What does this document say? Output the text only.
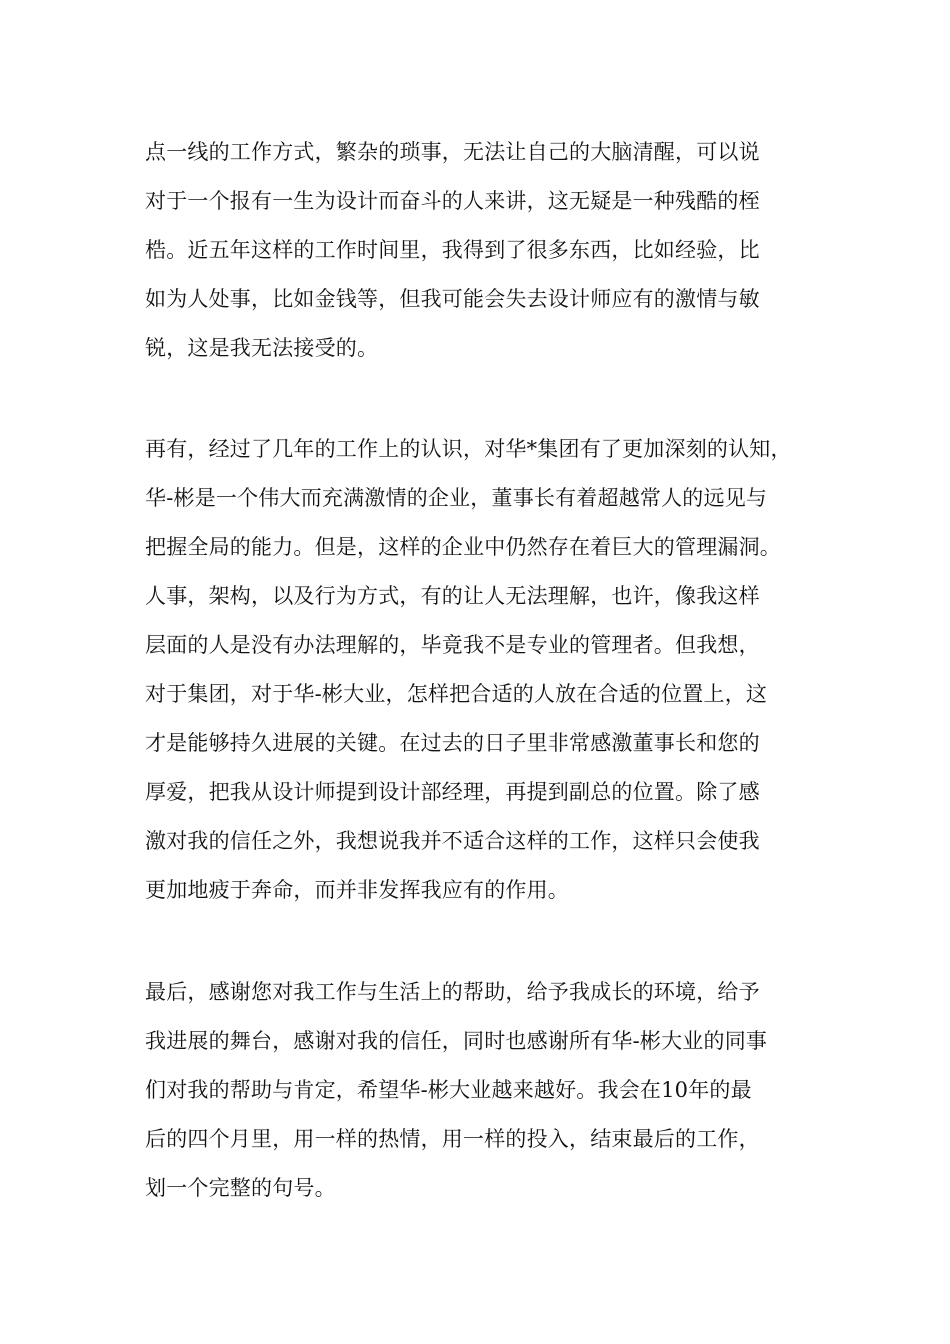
点一线的工作方式，繁杂的琐事，无法让自己的大脑清醒，可以说
对于一个报有一生为设计而奋斗的人来讲，这无疑是一种残酷的桎
梏。近五年这样的工作时间里，我得到了很多东西，比如经验，比
如为人处事，比如金钱等，但我可能会失去设计师应有的激情与敏
锐，这是我无法接受的。
再有，经过了几年的工作上的认识，对华*集团有了更加深刻的认知，
华-彬是一个伟大而充满激情的企业，董事长有着超越常人的远见与
把握全局的能力。但是，这样的企业中仍然存在着巨大的管理漏洞。
人事，架构，以及行为方式，有的让人无法理解，也许，像我这样
层面的人是没有办法理解的，毕竟我不是专业的管理者。但我想，
对于集团，对于华-彬大业，怎样把合适的人放在合适的位置上，这
才是能够持久进展的关键。在过去的日子里非常感激董事长和您的
厚爱，把我从设计师提到设计部经理，再提到副总的位置。除了感
激对我的信任之外，我想说我并不适合这样的工作，这样只会使我
更加地疲于奔命，而并非发挥我应有的作用。
最后，感谢您对我工作与生活上的帮助，给予我成长的环境，给予
我进展的舞台，感谢对我的信任，同时也感谢所有华-彬大业的同事
们对我的帮助与肯定，希望华-彬大业越来越好。我会在10年的最
后的四个月里，用一样的热情，用一样的投入，结束最后的工作，
划一个完整的句号。
